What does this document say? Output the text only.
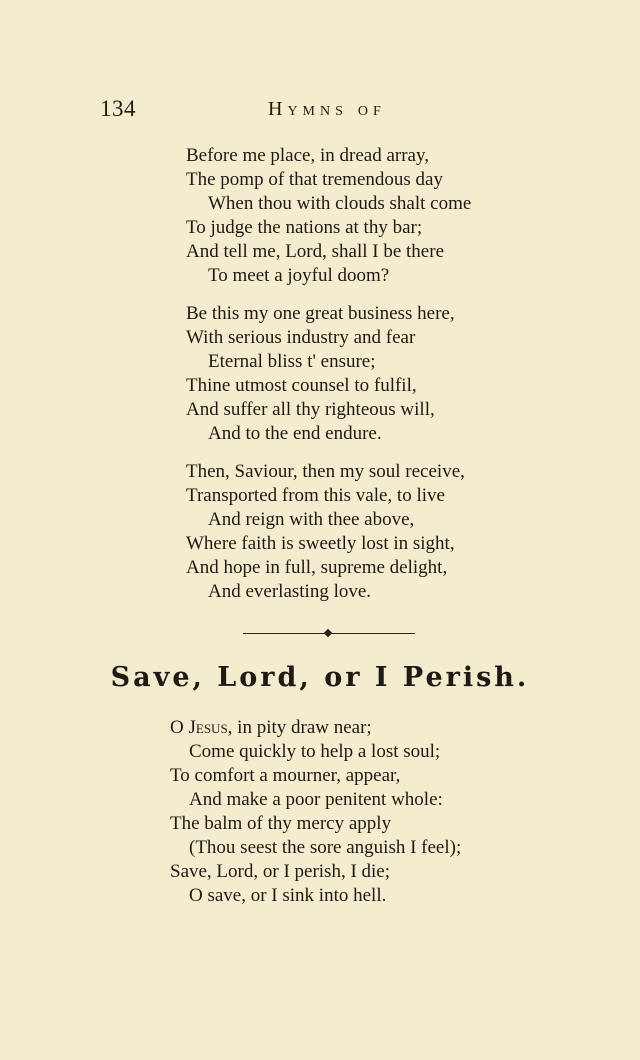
134	Hymns of
Before me place, in dread array,
The pomp of that tremendous day
When thou with clouds shalt come
To judge the nations at thy bar;
And tell me, Lord, shall I be there
To meet a joyful doom?
Be this my one great business here,
With serious industry and fear
Eternal bliss t' ensure;
Thine utmost counsel to fulfil,
And suffer all thy righteous will,
And to the end endure.
Then, Saviour, then my soul receive,
Transported from this vale, to live
And reign with thee above,
Where faith is sweetly lost in sight,
And hope in full, supreme delight,
And everlasting love.
Save, Lord, or I Perish.
O Jesus, in pity draw near;
Come quickly to help a lost soul;
To comfort a mourner, appear,
And make a poor penitent whole:
The balm of thy mercy apply
(Thou seest the sore anguish I feel);
Save, Lord, or I perish, I die;
O save, or I sink into hell.
